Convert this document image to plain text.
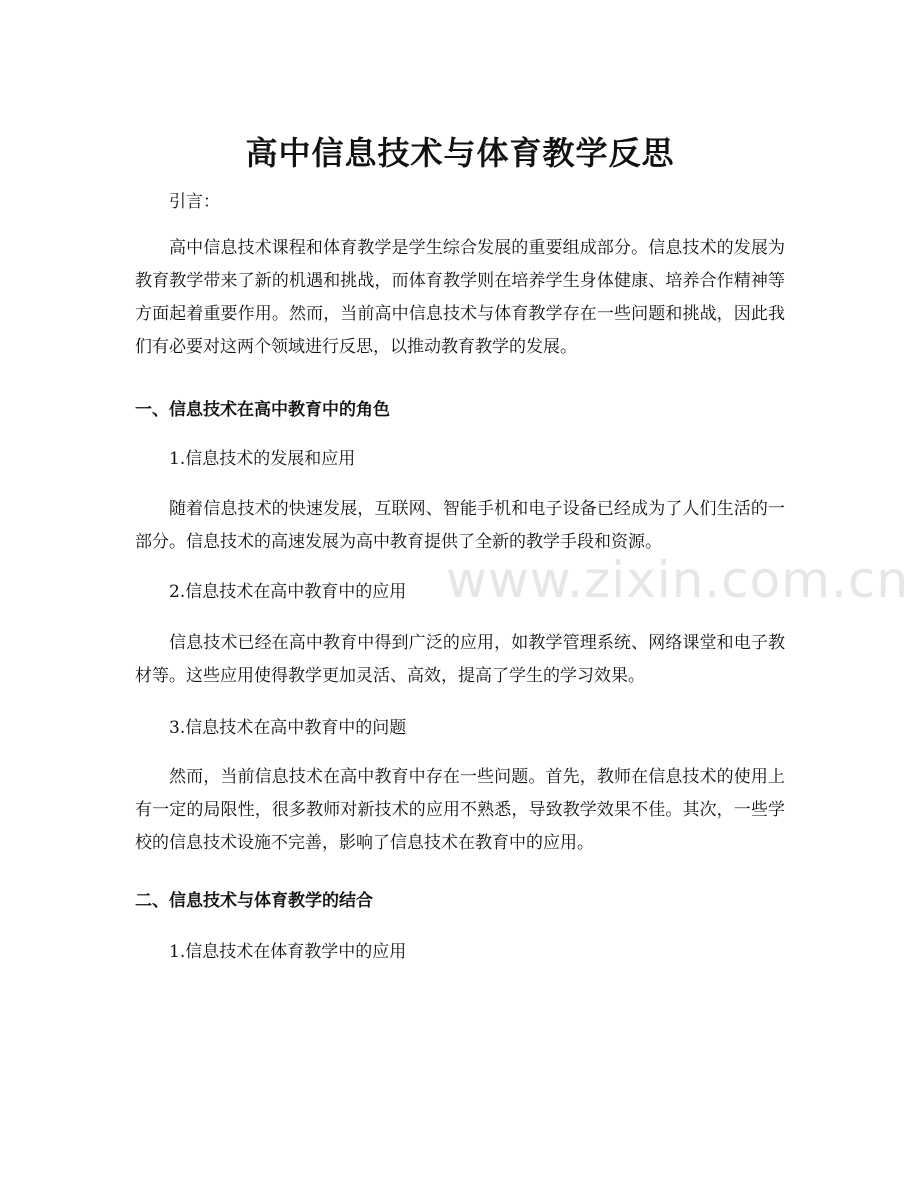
www.zixin.com.cn
高中信息技术与体育教学反思

引言：

高中信息技术课程和体育教学是学生综合发展的重要组成部分。信息技术的发展为教育教学带来了新的机遇和挑战，而体育教学则在培养学生身体健康、培养合作精神等方面起着重要作用。然而，当前高中信息技术与体育教学存在一些问题和挑战，因此我们有必要对这两个领域进行反思，以推动教育教学的发展。

一、信息技术在高中教育中的角色

1.信息技术的发展和应用

随着信息技术的快速发展，互联网、智能手机和电子设备已经成为了人们生活的一部分。信息技术的高速发展为高中教育提供了全新的教学手段和资源。

2.信息技术在高中教育中的应用

信息技术已经在高中教育中得到广泛的应用，如教学管理系统、网络课堂和电子教材等。这些应用使得教学更加灵活、高效，提高了学生的学习效果。

3.信息技术在高中教育中的问题

然而，当前信息技术在高中教育中存在一些问题。首先，教师在信息技术的使用上有一定的局限性，很多教师对新技术的应用不熟悉，导致教学效果不佳。其次，一些学校的信息技术设施不完善，影响了信息技术在教育中的应用。

二、信息技术与体育教学的结合

1.信息技术在体育教学中的应用
